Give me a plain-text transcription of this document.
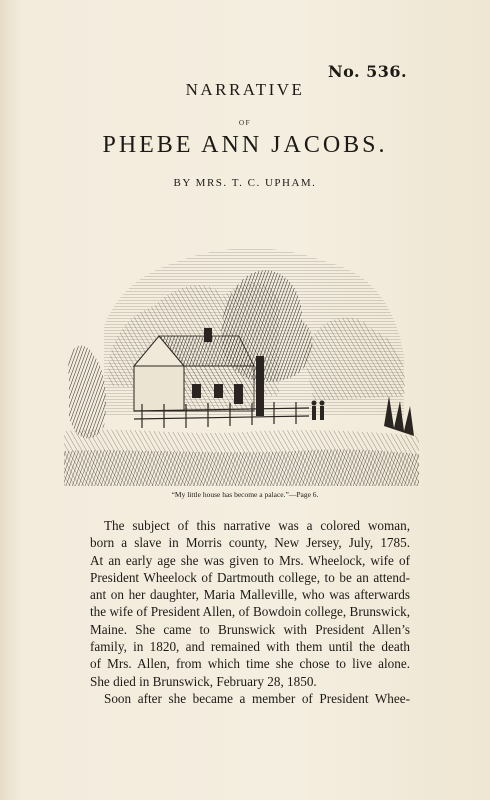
No. 536.
NARRATIVE
OF
PHEBE ANN JACOBS.
BY MRS. T. C. UPHAM.
“My little house has become a palace.”—Page 6.

The subject of this narrative was a colored woman,
born a slave in Morris county, New Jersey, July, 1785.
At an early age she was given to Mrs. Wheelock, wife of
President Wheelock of Dartmouth college, to be an attend-
ant on her daughter, Maria Malleville, who was afterwards
the wife of President Allen, of Bowdoin college, Brunswick,
Maine. She came to Brunswick with President Allen’s
family, in 1820, and remained with them until the death
of Mrs. Allen, from which time she chose to live alone.
She died in Brunswick, February 28, 1850.

Soon after she became a member of President Whee-
